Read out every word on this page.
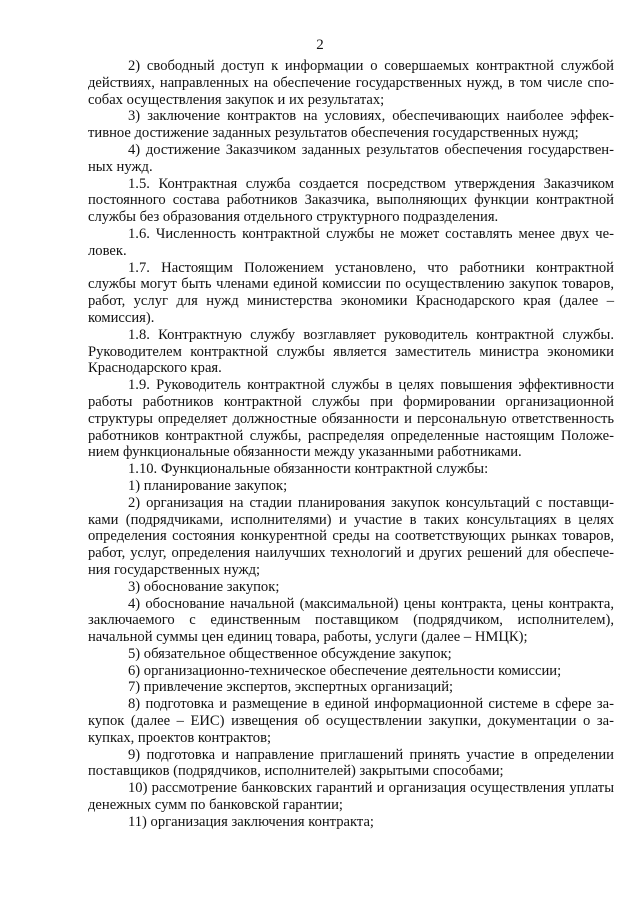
2

2) свободный доступ к информации о совершаемых контрактной службой действиях, направленных на обеспечение государственных нужд, в том числе способах осуществления закупок и их результатах;

3) заключение контрактов на условиях, обеспечивающих наиболее эффективное достижение заданных результатов обеспечения государственных нужд;

4) достижение Заказчиком заданных результатов обеспечения государственных нужд.

1.5. Контрактная служба создается посредством утверждения Заказчиком постоянного состава работников Заказчика, выполняющих функции контрактной службы без образования отдельного структурного подразделения.

1.6. Численность контрактной службы не может составлять менее двух человек.

1.7. Настоящим Положением установлено, что работники контрактной службы могут быть членами единой комиссии по осуществлению закупок товаров, работ, услуг для нужд министерства экономики Краснодарского края (далее – комиссия).

1.8. Контрактную службу возглавляет руководитель контрактной службы. Руководителем контрактной службы является заместитель министра экономики Краснодарского края.

1.9. Руководитель контрактной службы в целях повышения эффективности работы работников контрактной службы при формировании организационной структуры определяет должностные обязанности и персональную ответственность работников контрактной службы, распределяя определенные настоящим Положением функциональные обязанности между указанными работниками.

1.10. Функциональные обязанности контрактной службы:

1) планирование закупок;

2) организация на стадии планирования закупок консультаций с поставщиками (подрядчиками, исполнителями) и участие в таких консультациях в целях определения состояния конкурентной среды на соответствующих рынках товаров, работ, услуг, определения наилучших технологий и других решений для обеспечения государственных нужд;

3) обоснование закупок;

4) обоснование начальной (максимальной) цены контракта, цены контракта, заключаемого с единственным поставщиком (подрядчиком, исполнителем), начальной суммы цен единиц товара, работы, услуги (далее – НМЦК);

5) обязательное общественное обсуждение закупок;

6) организационно-техническое обеспечение деятельности комиссии;

7) привлечение экспертов, экспертных организаций;

8) подготовка и размещение в единой информационной системе в сфере закупок (далее – ЕИС) извещения об осуществлении закупки, документации о закупках, проектов контрактов;

9) подготовка и направление приглашений принять участие в определении поставщиков (подрядчиков, исполнителей) закрытыми способами;

10) рассмотрение банковских гарантий и организация осуществления уплаты денежных сумм по банковской гарантии;

11) организация заключения контракта;
